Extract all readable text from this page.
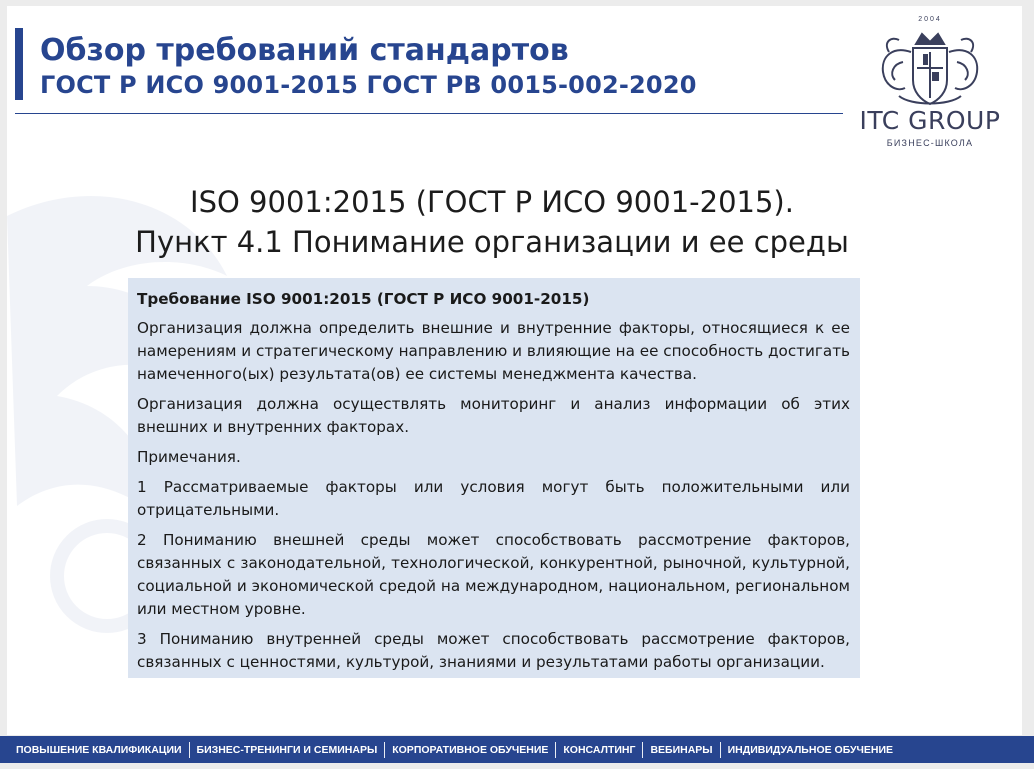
Обзор требований стандартов
ГОСТ Р ИСО 9001-2015 ГОСТ РВ 0015-002-2020
2004
ITC GROUP
БИЗНЕС-ШКОЛА
ISO 9001:2015 (ГОСТ Р ИСО 9001-2015).
Пункт 4.1 Понимание организации и ее среды
Требование ISO 9001:2015 (ГОСТ Р ИСО 9001-2015)

Организация должна определить внешние и внутренние факторы, относящиеся к ее намерениям и стратегическому направлению и влияющие на ее способность достигать намеченного(ых) результата(ов) ее системы менеджмента качества.

Организация должна осуществлять мониторинг и анализ информации об этих внешних и внутренних факторах.

Примечания.

1 Рассматриваемые факторы или условия могут быть положительными или отрицательными.

2 Пониманию внешней среды может способствовать рассмотрение факторов, связанных с законодательной, технологической, конкурентной, рыночной, культурной, социальной и экономической средой на международном, национальном, региональном или местном уровне.

3 Пониманию внутренней среды может способствовать рассмотрение факторов, связанных с ценностями, культурой, знаниями и результатами работы организации.

ПОВЫШЕНИЕ КВАЛИФИКАЦИИ	БИЗНЕС-ТРЕНИНГИ И СЕМИНАРЫ	КОРПОРАТИВНОЕ ОБУЧЕНИЕ	КОНСАЛТИНГ	ВЕБИНАРЫ	ИНДИВИДУАЛЬНОЕ ОБУЧЕНИЕ
